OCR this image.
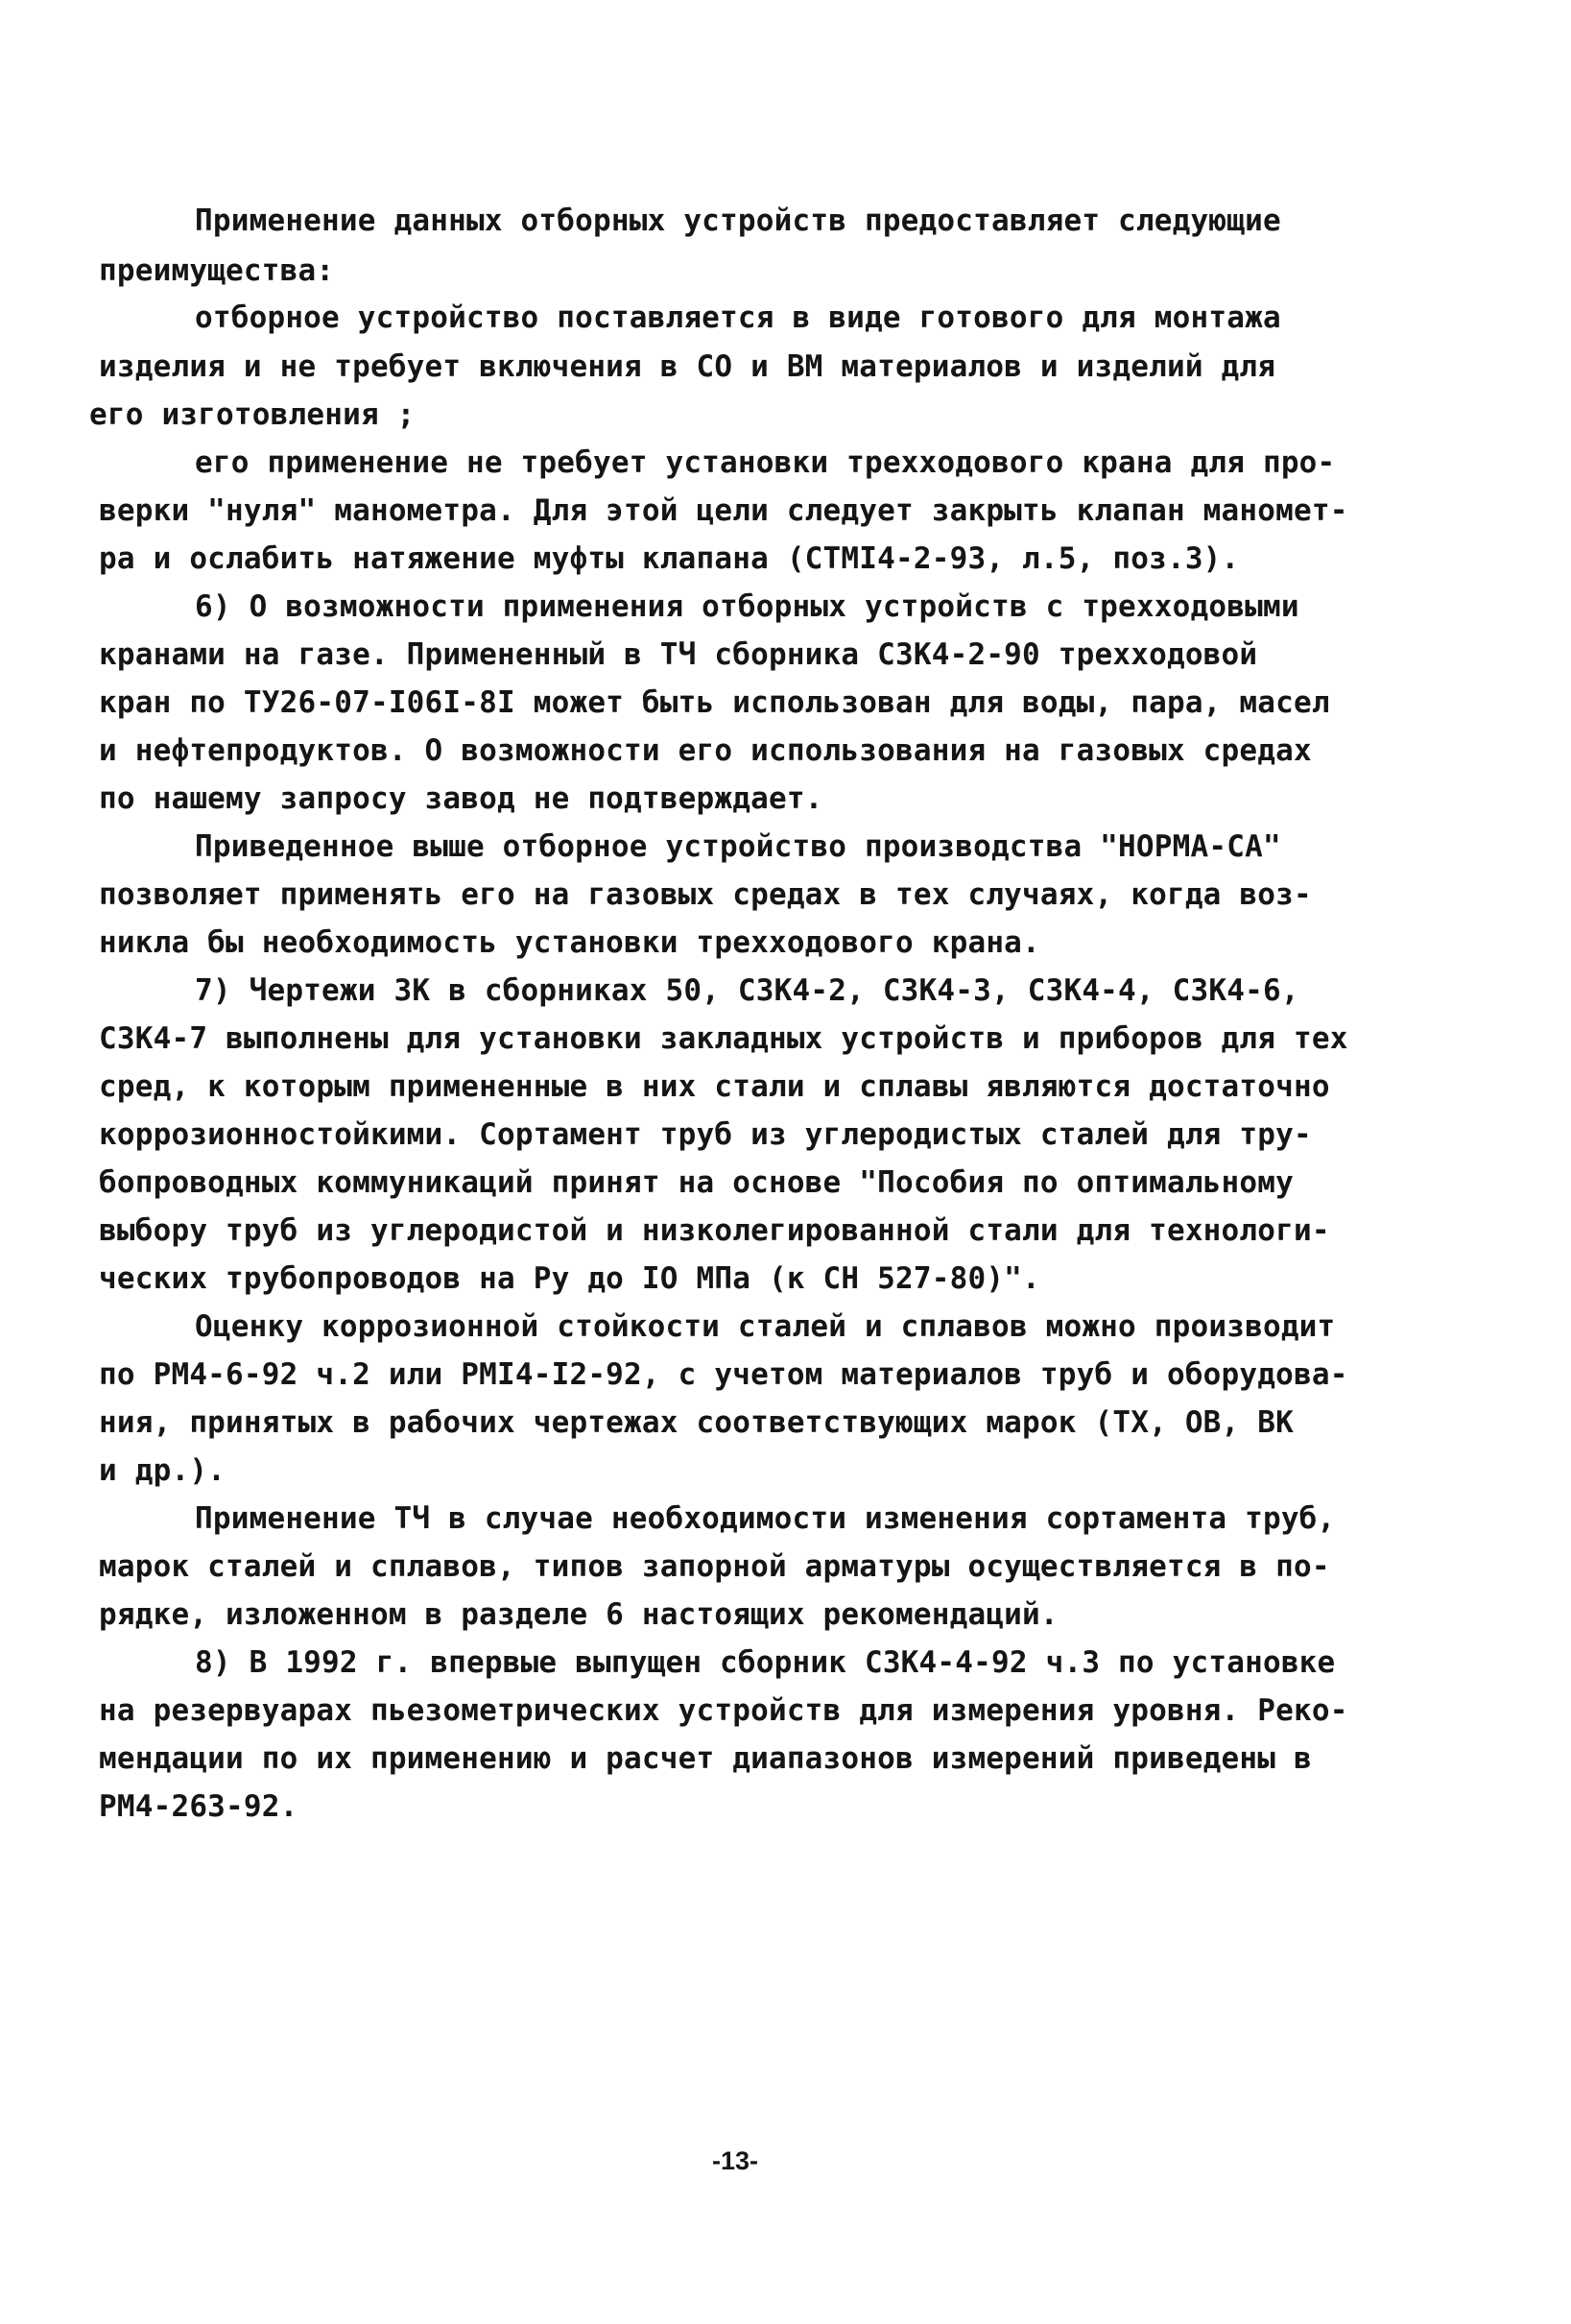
Применение данных отборных устройств предоставляет следующие
преимущества:
отборное устройство поставляется в виде готового для монтажа
изделия и не требует включения в СО и ВМ материалов и изделий для
его изготовления ;
его применение не требует установки трехходового крана для про-
верки "нуля" манометра. Для этой цели следует закрыть клапан маномет-
ра и ослабить натяжение муфты клапана (СТМI4-2-93, л.5, поз.3).
6) О возможности применения отборных устройств с трехходовыми
кранами на газе. Примененный в ТЧ сборника СЗК4-2-90 трехходовой
кран по ТУ26-07-I06I-8I может быть использован для воды, пара, масел
и нефтепродуктов. О возможности его использования на газовых средах
по нашему запросу завод не подтверждает.
Приведенное выше отборное устройство производства "НОРМА-СА"
позволяет применять его на газовых средах в тех случаях, когда воз-
никла бы необходимость установки трехходового крана.
7) Чертежи ЗК в сборниках 50, СЗК4-2, СЗК4-3, СЗК4-4, СЗК4-6,
СЗК4-7 выполнены для установки закладных устройств и приборов для тех
сред, к которым примененные в них стали и сплавы являются достаточно
коррозионностойкими. Сортамент труб из углеродистых сталей для тру-
бопроводных коммуникаций принят на основе "Пособия по оптимальному
выбору труб из углеродистой и низколегированной стали для технологи-
ческих трубопроводов на Ру до IO МПа (к СН 527-80)".
Оценку коррозионной стойкости сталей и сплавов можно производит
по РМ4-6-92 ч.2 или РМI4-I2-92, с учетом материалов труб и оборудова-
ния, принятых в рабочих чертежах соответствующих марок (ТХ, ОВ, ВК
и др.).
Применение ТЧ в случае необходимости изменения сортамента труб,
марок сталей и сплавов, типов запорной арматуры осуществляется в по-
рядке, изложенном в разделе 6 настоящих рекомендаций.
8) В 1992 г. впервые выпущен сборник СЗК4-4-92 ч.3 по установке
на резервуарах пьезометрических устройств для измерения уровня. Реко-
мендации по их применению и расчет диапазонов измерений приведены в
РМ4-263-92.
-13-
